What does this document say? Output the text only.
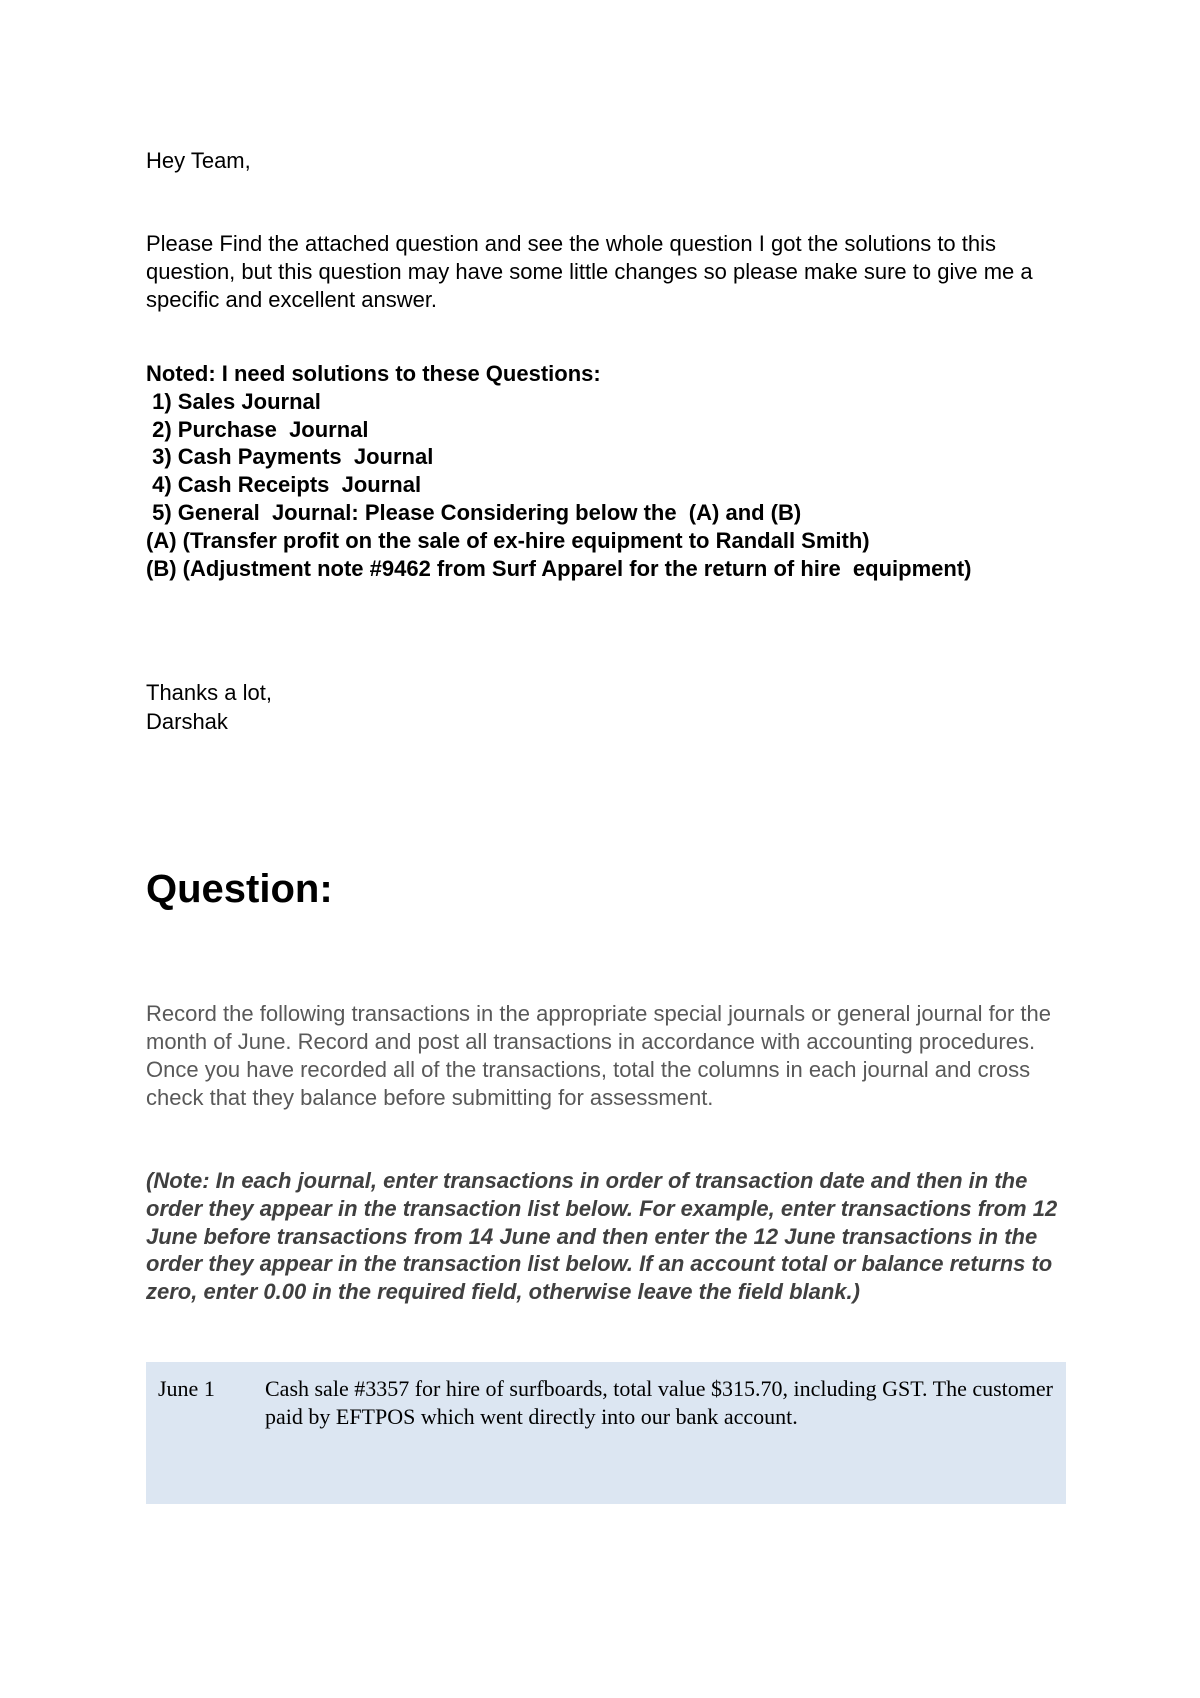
Hey Team,

Please Find the attached question and see the whole question I got the solutions to this question, but this question may have some little changes so please make sure to give me a specific and excellent answer.

Noted: I need solutions to these Questions:
1) Sales Journal
2) Purchase  Journal
3) Cash Payments  Journal
4) Cash Receipts  Journal
5) General  Journal: Please Considering below the  (A) and (B)
(A) (Transfer profit on the sale of ex-hire equipment to Randall Smith)
(B) (Adjustment note #9462 from Surf Apparel for the return of hire  equipment)
Thanks a lot,
Darshak
Question:

Record the following transactions in the appropriate special journals or general journal for the month of June. Record and post all transactions in accordance with accounting procedures. Once you have recorded all of the transactions, total the columns in each journal and cross check that they balance before submitting for assessment.

(Note: In each journal, enter transactions in order of transaction date and then in the order they appear in the transaction list below. For example, enter transactions from 12 June before transactions from 14 June and then enter the 12 June transactions in the order they appear in the transaction list below. If an account total or balance returns to zero, enter 0.00 in the required field, otherwise leave the field blank.)

June 1	Cash sale #3357 for hire of surfboards, total value $315.70, including GST. The customer paid by EFTPOS which went directly into our bank account.
